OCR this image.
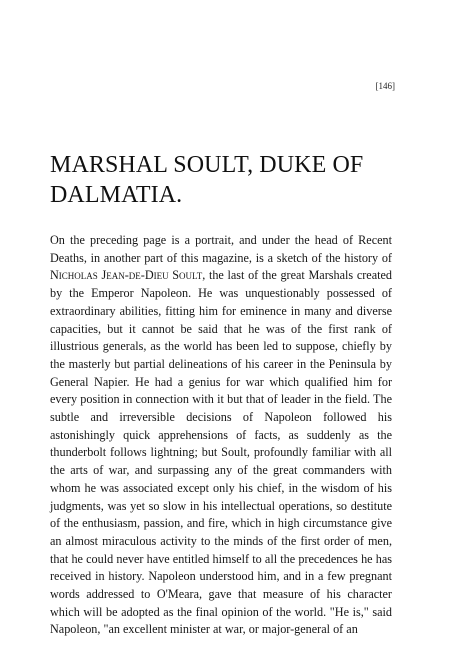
[146]
MARSHAL SOULT, DUKE OF DALMATIA.

On the preceding page is a portrait, and under the head of Recent Deaths, in another part of this magazine, is a sketch of the history of Nicholas Jean-de-Dieu Soult, the last of the great Marshals created by the Emperor Napoleon. He was unquestionably possessed of extraordinary abilities, fitting him for eminence in many and diverse capacities, but it cannot be said that he was of the first rank of illustrious generals, as the world has been led to suppose, chiefly by the masterly but partial delineations of his career in the Peninsula by General Napier. He had a genius for war which qualified him for every position in connection with it but that of leader in the field. The subtle and irreversible decisions of Napoleon followed his astonishingly quick apprehensions of facts, as suddenly as the thunderbolt follows lightning; but Soult, profoundly familiar with all the arts of war, and surpassing any of the great commanders with whom he was associated except only his chief, in the wisdom of his judgments, was yet so slow in his intellectual operations, so destitute of the enthusiasm, passion, and fire, which in high circumstance give an almost miraculous activity to the minds of the first order of men, that he could never have entitled himself to all the precedences he has received in history. Napoleon understood him, and in a few pregnant words addressed to O'Meara, gave that measure of his character which will be adopted as the final opinion of the world. "He is," said Napoleon, "an excellent minister at war, or major-general of an
